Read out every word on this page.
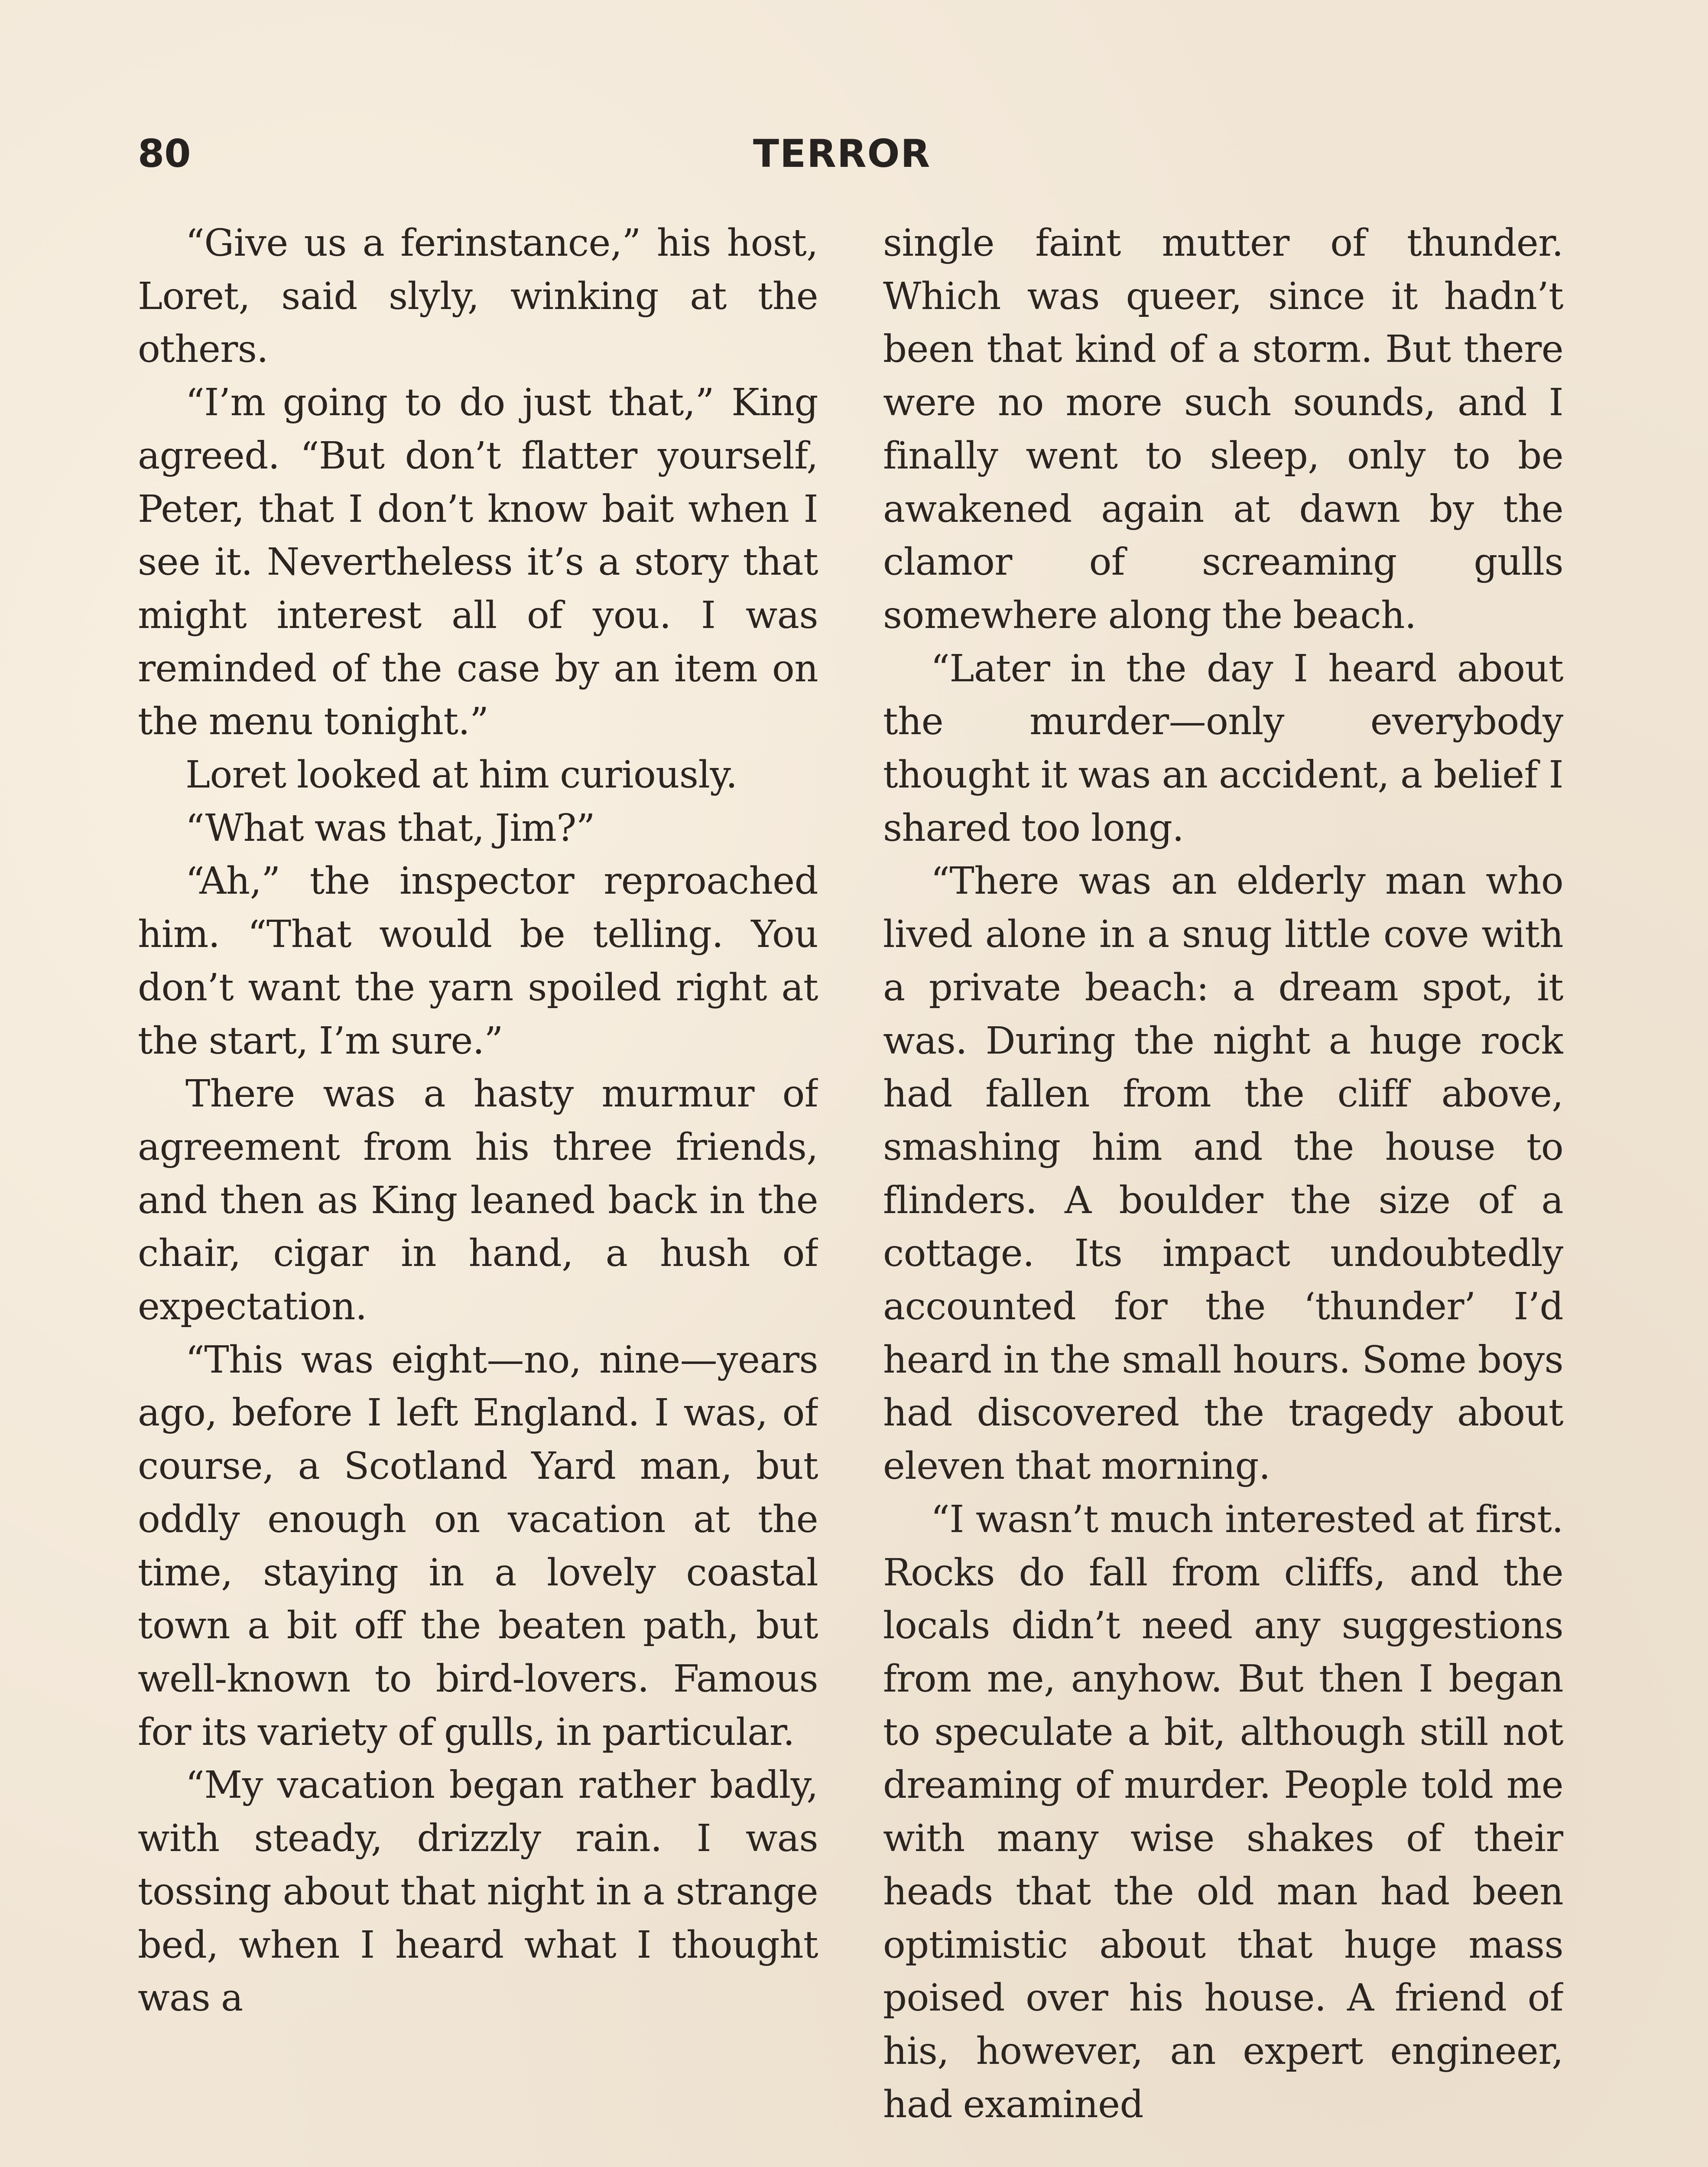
80	TERROR

“Give us a ferinstance,” his host, Loret, said slyly, winking at the others.

“I’m going to do just that,” King agreed. “But don’t flatter yourself, Peter, that I don’t know bait when I see it. Nevertheless it’s a story that might interest all of you. I was reminded of the case by an item on the menu tonight.”

Loret looked at him curiously.

“What was that, Jim?”

“Ah,” the inspector reproached him. “That would be telling. You don’t want the yarn spoiled right at the start, I’m sure.”

There was a hasty murmur of agreement from his three friends, and then as King leaned back in the chair, cigar in hand, a hush of expectation.

“This was eight—no, nine—years ago, before I left England. I was, of course, a Scotland Yard man, but oddly enough on vacation at the time, staying in a lovely coastal town a bit off the beaten path, but well-known to bird-lovers. Famous for its variety of gulls, in particular.

“My vacation began rather badly, with steady, drizzly rain. I was tossing about that night in a strange bed, when I heard what I thought was a

single faint mutter of thunder. Which was queer, since it hadn’t been that kind of a storm. But there were no more such sounds, and I finally went to sleep, only to be awakened again at dawn by the clamor of screaming gulls somewhere along the beach.

“Later in the day I heard about the murder—only everybody thought it was an accident, a belief I shared too long.

“There was an elderly man who lived alone in a snug little cove with a private beach: a dream spot, it was. During the night a huge rock had fallen from the cliff above, smashing him and the house to flinders. A boulder the size of a cottage. Its impact undoubtedly accounted for the ‘thunder’ I’d heard in the small hours. Some boys had discovered the tragedy about eleven that morning.

“I wasn’t much interested at first. Rocks do fall from cliffs, and the locals didn’t need any suggestions from me, anyhow. But then I began to speculate a bit, although still not dreaming of murder. People told me with many wise shakes of their heads that the old man had been optimistic about that huge mass poised over his house. A friend of his, however, an expert engineer, had examined
